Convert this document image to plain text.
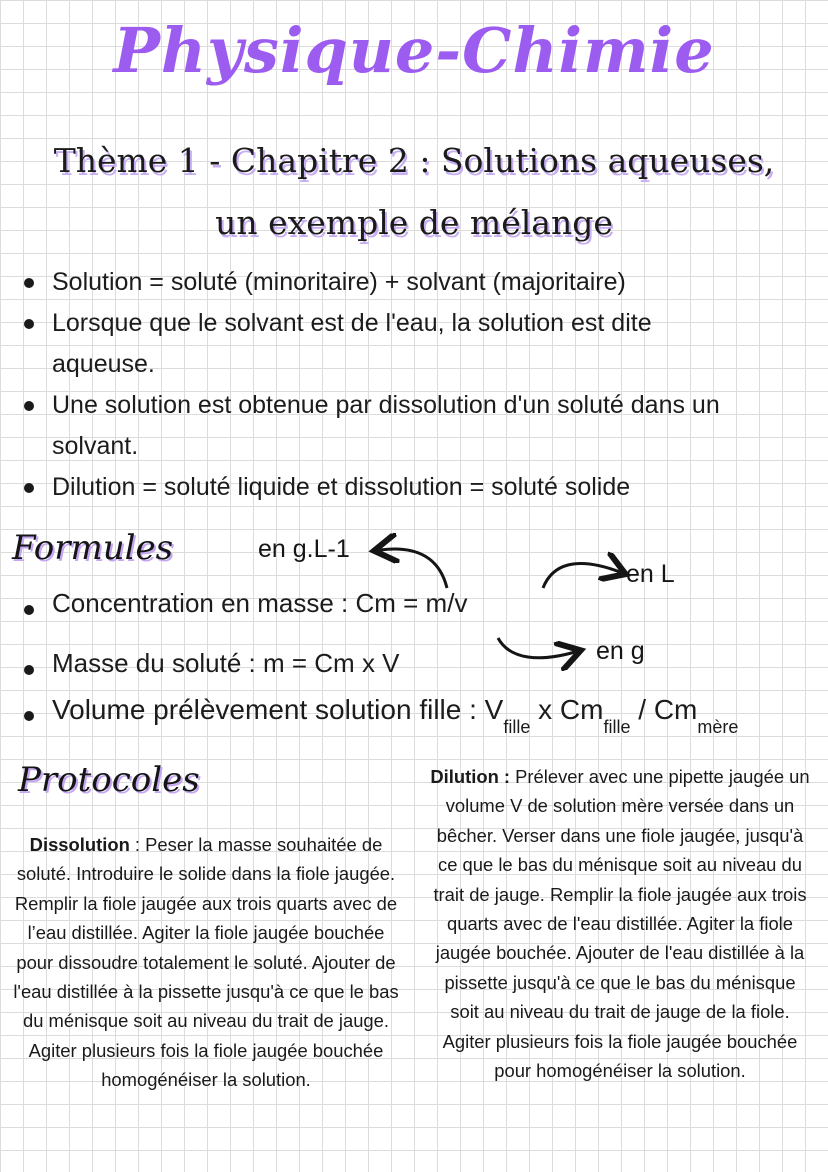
Physique-Chimie
Thème 1 - Chapitre 2 : Solutions aqueuses,
un exemple de mélange
Solution = soluté (minoritaire) + solvant (majoritaire)
Lorsque que le solvant est de l'eau, la solution est dite aqueuse.
Une solution est obtenue par dissolution d'un soluté dans un solvant.
Dilution = soluté liquide et dissolution = soluté solide
Formules	en g.L-1
en L
en g
Concentration en masse : Cm = m/v
Masse du soluté : m = Cm x V
Volume prélèvement solution fille : $V_{fille}$ x $Cm_{fille} / Cm_{mère}$
Protocoles

Dissolution : Peser la masse souhaitée de soluté. Introduire le solide dans la fiole jaugée. Remplir la fiole jaugée aux trois quarts avec de l’eau distillée. Agiter la fiole jaugée bouchée pour dissoudre totalement le soluté. Ajouter de l'eau distillée à la pissette jusqu'à ce que le bas du ménisque soit au niveau du trait de jauge. Agiter plusieurs fois la fiole jaugée bouchée homogénéiser la solution.

Dilution : Prélever avec une pipette jaugée un volume V de solution mère versée dans un bêcher. Verser dans une fiole jaugée, jusqu'à ce que le bas du ménisque soit au niveau du trait de jauge. Remplir la fiole jaugée aux trois quarts avec de l'eau distillée. Agiter la fiole jaugée bouchée. Ajouter de l'eau distillée à la pissette jusqu'à ce que le bas du ménisque soit au niveau du trait de jauge de la fiole. Agiter plusieurs fois la fiole jaugée bouchée pour homogénéiser la solution.
